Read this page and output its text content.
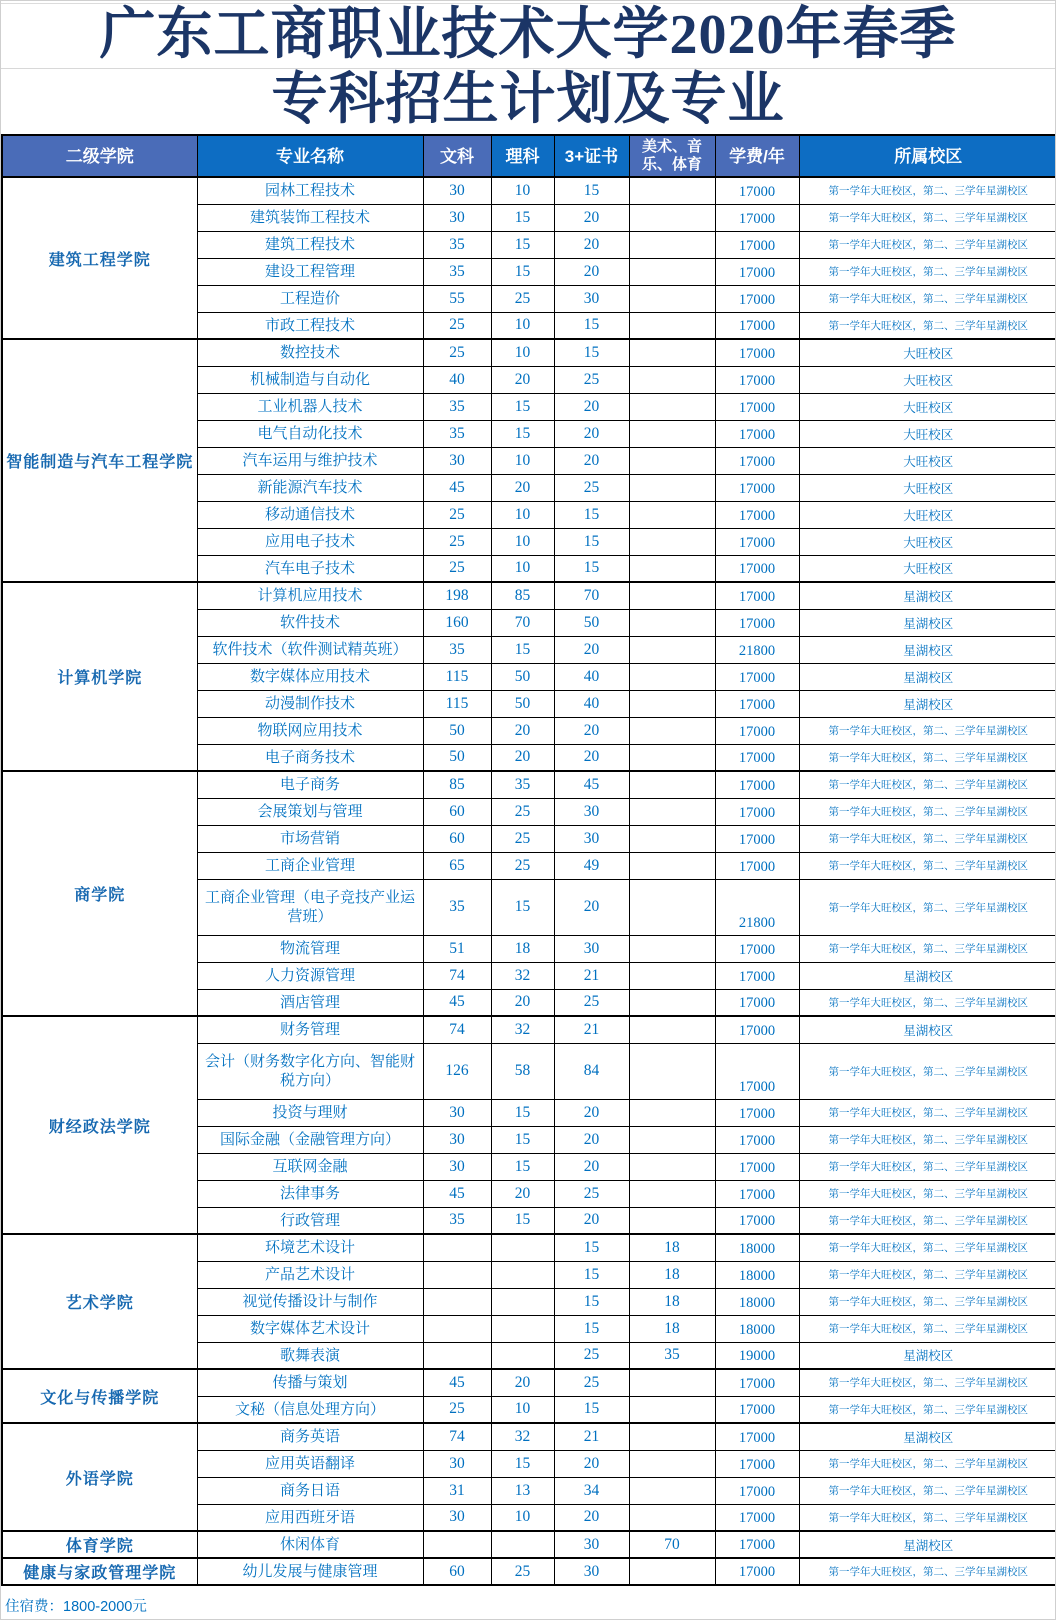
广东工商职业技术大学2020年春季
专科招生计划及专业
二级学院	专业名称	文科	理科	3+证书	美术、音乐、体育	学费/年	所属校区
建筑工程学院	园林工程技术	30	10	15		17000	第一学年大旺校区，第二、三学年星湖校区
	建筑装饰工程技术	30	15	20		17000	第一学年大旺校区，第二、三学年星湖校区
	建筑工程技术	35	15	20		17000	第一学年大旺校区，第二、三学年星湖校区
	建设工程管理	35	15	20		17000	第一学年大旺校区，第二、三学年星湖校区
	工程造价	55	25	30		17000	第一学年大旺校区，第二、三学年星湖校区
	市政工程技术	25	10	15		17000	第一学年大旺校区，第二、三学年星湖校区
智能制造与汽车工程学院	数控技术	25	10	15		17000	大旺校区
	机械制造与自动化	40	20	25		17000	大旺校区
	工业机器人技术	35	15	20		17000	大旺校区
	电气自动化技术	35	15	20		17000	大旺校区
	汽车运用与维护技术	30	10	20		17000	大旺校区
	新能源汽车技术	45	20	25		17000	大旺校区
	移动通信技术	25	10	15		17000	大旺校区
	应用电子技术	25	10	15		17000	大旺校区
	汽车电子技术	25	10	15		17000	大旺校区
计算机学院	计算机应用技术	198	85	70		17000	星湖校区
	软件技术	160	70	50		17000	星湖校区
	软件技术（软件测试精英班）	35	15	20		21800	星湖校区
	数字媒体应用技术	115	50	40		17000	星湖校区
	动漫制作技术	115	50	40		17000	星湖校区
	物联网应用技术	50	20	20		17000	第一学年大旺校区，第二、三学年星湖校区
	电子商务技术	50	20	20		17000	第一学年大旺校区，第二、三学年星湖校区
商学院	电子商务	85	35	45		17000	第一学年大旺校区，第二、三学年星湖校区
	会展策划与管理	60	25	30		17000	第一学年大旺校区，第二、三学年星湖校区
	市场营销	60	25	30		17000	第一学年大旺校区，第二、三学年星湖校区
	工商企业管理	65	25	49		17000	第一学年大旺校区，第二、三学年星湖校区
	工商企业管理（电子竞技产业运营班）	35	15	20		21800	第一学年大旺校区，第二、三学年星湖校区
	物流管理	51	18	30		17000	第一学年大旺校区，第二、三学年星湖校区
	人力资源管理	74	32	21		17000	星湖校区
	酒店管理	45	20	25		17000	第一学年大旺校区，第二、三学年星湖校区
财经政法学院	财务管理	74	32	21		17000	星湖校区
	会计（财务数字化方向、智能财税方向）	126	58	84		17000	第一学年大旺校区，第二、三学年星湖校区
	投资与理财	30	15	20		17000	第一学年大旺校区，第二、三学年星湖校区
	国际金融（金融管理方向）	30	15	20		17000	第一学年大旺校区，第二、三学年星湖校区
	互联网金融	30	15	20		17000	第一学年大旺校区，第二、三学年星湖校区
	法律事务	45	20	25		17000	第一学年大旺校区，第二、三学年星湖校区
	行政管理	35	15	20		17000	第一学年大旺校区，第二、三学年星湖校区
艺术学院	环境艺术设计			15	18	18000	第一学年大旺校区，第二、三学年星湖校区
	产品艺术设计			15	18	18000	第一学年大旺校区，第二、三学年星湖校区
	视觉传播设计与制作			15	18	18000	第一学年大旺校区，第二、三学年星湖校区
	数字媒体艺术设计			15	18	18000	第一学年大旺校区，第二、三学年星湖校区
	歌舞表演			25	35	19000	星湖校区
文化与传播学院	传播与策划	45	20	25		17000	第一学年大旺校区，第二、三学年星湖校区
	文秘（信息处理方向）	25	10	15		17000	第一学年大旺校区，第二、三学年星湖校区
外语学院	商务英语	74	32	21		17000	星湖校区
	应用英语翻译	30	15	20		17000	第一学年大旺校区，第二、三学年星湖校区
	商务日语	31	13	34		17000	第一学年大旺校区，第二、三学年星湖校区
	应用西班牙语	30	10	20		17000	第一学年大旺校区，第二、三学年星湖校区
体育学院	休闲体育			30	70	17000	星湖校区
健康与家政管理学院	幼儿发展与健康管理	60	25	30		17000	第一学年大旺校区，第二、三学年星湖校区
住宿费：1800-2000元
